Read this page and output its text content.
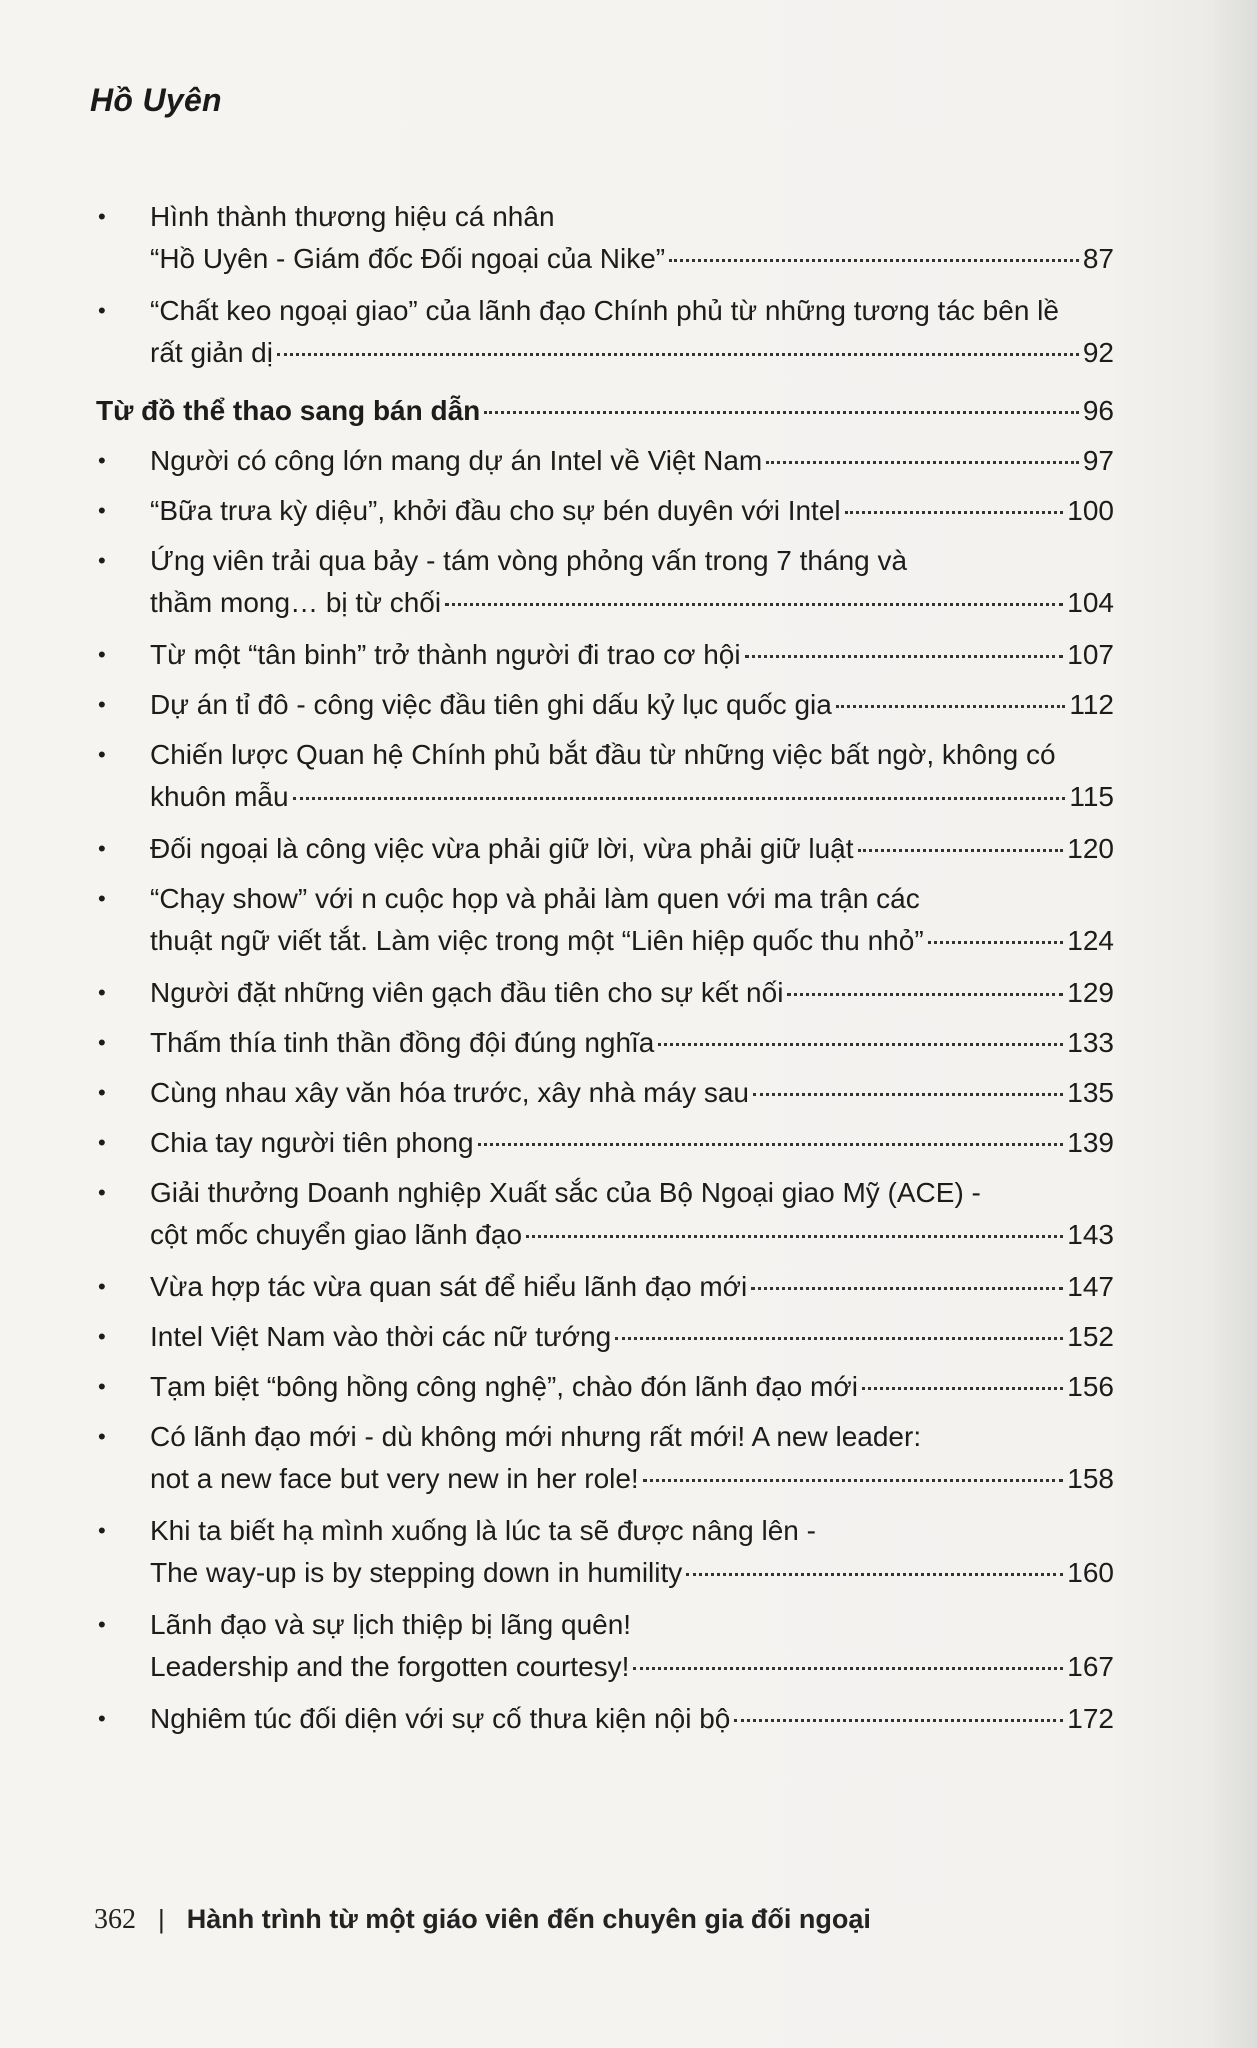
Hồ Uyên
• Hình thành thương hiệu cá nhân
“Hồ Uyên - Giám đốc Đối ngoại của Nike”	87
• “Chất keo ngoại giao” của lãnh đạo Chính phủ từ những tương tác bên lề
rất giản dị	92
Từ đồ thể thao sang bán dẫn	96
• Người có công lớn mang dự án Intel về Việt Nam	97
• “Bữa trưa kỳ diệu”, khởi đầu cho sự bén duyên với Intel	100
• Ứng viên trải qua bảy - tám vòng phỏng vấn trong 7 tháng và
thầm mong… bị từ chối	104
• Từ một “tân binh” trở thành người đi trao cơ hội	107
• Dự án tỉ đô - công việc đầu tiên ghi dấu kỷ lục quốc gia	112
• Chiến lược Quan hệ Chính phủ bắt đầu từ những việc bất ngờ, không có
khuôn mẫu	115
• Đối ngoại là công việc vừa phải giữ lời, vừa phải giữ luật	120
• “Chạy show” với n cuộc họp và phải làm quen với ma trận các
thuật ngữ viết tắt. Làm việc trong một “Liên hiệp quốc thu nhỏ”	124
• Người đặt những viên gạch đầu tiên cho sự kết nối	129
• Thấm thía tinh thần đồng đội đúng nghĩa	133
• Cùng nhau xây văn hóa trước, xây nhà máy sau	135
• Chia tay người tiên phong	139
• Giải thưởng Doanh nghiệp Xuất sắc của Bộ Ngoại giao Mỹ (ACE) -
cột mốc chuyển giao lãnh đạo	143
• Vừa hợp tác vừa quan sát để hiểu lãnh đạo mới	147
• Intel Việt Nam vào thời các nữ tướng	152
• Tạm biệt “bông hồng công nghệ”, chào đón lãnh đạo mới	156
• Có lãnh đạo mới - dù không mới nhưng rất mới! A new leader:
not a new face but very new in her role!	158
• Khi ta biết hạ mình xuống là lúc ta sẽ được nâng lên -
The way-up is by stepping down in humility	160
• Lãnh đạo và sự lịch thiệp bị lãng quên!
Leadership and the forgotten courtesy!	167
• Nghiêm túc đối diện với sự cố thưa kiện nội bộ	172
362 | Hành trình từ một giáo viên đến chuyên gia đối ngoại
